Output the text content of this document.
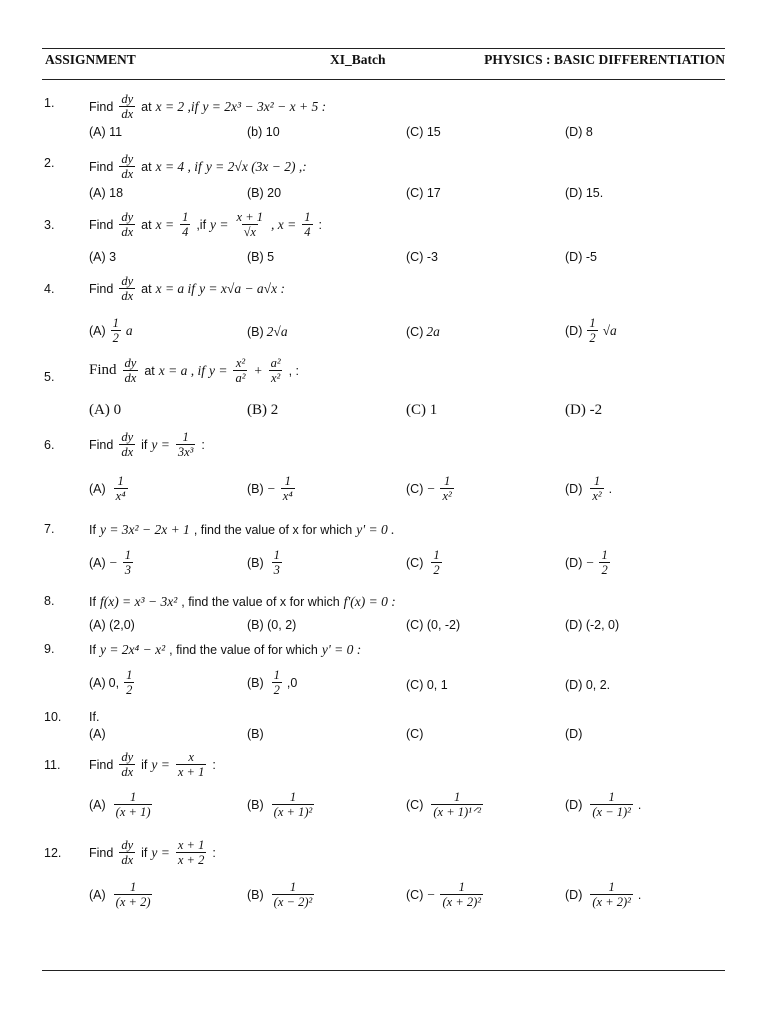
ASSIGNMENT	XI_Batch	PHYSICS : BASIC DIFFERENTIATION
1.	Find $\frac{dy}{dx}$ at x = 2 ,if y = 2x³ − 3x² − x + 5 :
(A) 11	(b) 10	(C) 15	(D) 8
2.	Find $\frac{dy}{dx}$ at x = 4 , if y = 2√x (3x − 2) ,:
(A) 18	(B) 20	(C) 17	(D) 15.
3.	Find $\frac{dy}{dx}$ at $x = \frac{1}{4} ,if$ $y = \frac{x + 1}{√x}$ , $x = \frac{1}{4}$ :
(A) 3	(B) 5	(C) -3	(D) -5
4.	Find $\frac{dy}{dx}$ at x = a if y = x√a − a√x :
$(A) \frac{1}{2}$ a	(B) 2√a	(C) 2a	$(D) \frac{1}{2} √a$
5. Find $\frac{dy}{dx}$ at x = a , if $y = \frac{\text{x²}}{\text{a²}} + \frac{\text{a²}}{\text{x²}}$ , :
(A) 0	(B) 2	(C) 1	(D) -2
6.	Find $\frac{dy}{dx}$ if $y = \frac{1}{\text{3x³}}$ :
$(A) \frac{1}{\text{x⁴}}$	$(B) - \frac{1}{\text{x⁴}}$	$(C) - \frac{1}{\text{x²}}$	$(D) \frac{1}{\text{x²}}$ .
7.	If y = 3x² − 2x + 1 , find the value of x for which y' = 0 .
$(A) - \frac{1}{3}$	$(B) \frac{1}{3}$	$(C) \frac{1}{2}$	$(D) - \frac{1}{2}$
8.	If f(x) = x³ − 3x² , find the value of x for which f'(x) = 0 :
(A) (2,0)	(B) (0, 2)	(C) (0, -2)	(D) (-2, 0)
9.	If y = 2x⁴ − x² , find the value of for which y' = 0 :
(A) 0, $\frac{1}{2}$	$(B) \frac{1}{2} ,0$	(C) 0, 1	(D) 0, 2.
10. If.
(A)	(B)	(C)	(D)
11. Find $\frac{dy}{dx}$ if $y = \frac{x}{x + 1}$ :
$(A) \frac{1}{(x + 1)}$	$(B) \frac{1}{\text{(x + 1)²}}$	$(C) \frac{1}{\text{(x + 1)¹ᐟ²}}$	$(D) \frac{1}{\text{(x − 1)²}}$ .
12. Find $\frac{dy}{dx}$ if $y = \frac{x + 1}{x + 2}$ :
$(A) \frac{1}{(x + 2)}$	$(B) \frac{1}{\text{(x − 2)²}}$	$(C) - \frac{1}{\text{(x + 2)²}}$	$(D) \frac{1}{\text{(x + 2)²}}$ .
